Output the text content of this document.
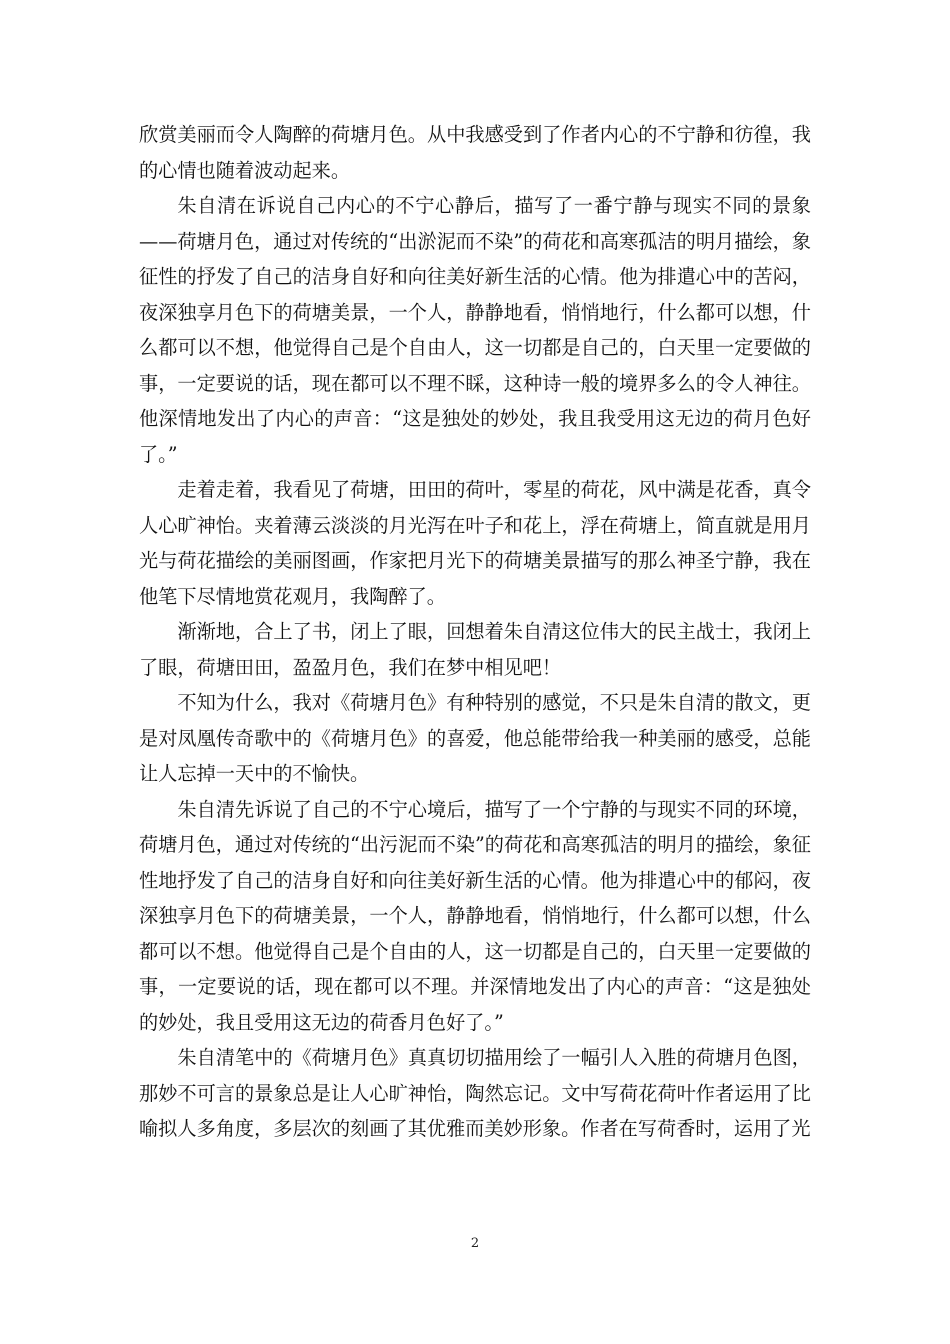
欣赏美丽而令人陶醉的荷塘月色。从中我感受到了作者内心的不宁静和彷徨，我的心情也随着波动起来。

朱自清在诉说自己内心的不宁心静后，描写了一番宁静与现实不同的景象——荷塘月色，通过对传统的“出淤泥而不染”的荷花和高寒孤洁的明月描绘，象征性的抒发了自己的洁身自好和向往美好新生活的心情。他为排遣心中的苦闷，夜深独享月色下的荷塘美景，一个人，静静地看，悄悄地行，什么都可以想，什么都可以不想，他觉得自己是个自由人，这一切都是自己的，白天里一定要做的事，一定要说的话，现在都可以不理不睬，这种诗一般的境界多么的令人神往。他深情地发出了内心的声音：“这是独处的妙处，我且我受用这无边的荷月色好了。”

走着走着，我看见了荷塘，田田的荷叶，零星的荷花，风中满是花香，真令人心旷神怡。夹着薄云淡淡的月光泻在叶子和花上，浮在荷塘上，简直就是用月光与荷花描绘的美丽图画，作家把月光下的荷塘美景描写的那么神圣宁静，我在他笔下尽情地赏花观月，我陶醉了。

渐渐地，合上了书，闭上了眼，回想着朱自清这位伟大的民主战士，我闭上了眼，荷塘田田，盈盈月色，我们在梦中相见吧！

不知为什么，我对《荷塘月色》有种特别的感觉，不只是朱自清的散文，更是对凤凰传奇歌中的《荷塘月色》的喜爱，他总能带给我一种美丽的感受，总能让人忘掉一天中的不愉快。

朱自清先诉说了自己的不宁心境后，描写了一个宁静的与现实不同的环境，荷塘月色，通过对传统的“出污泥而不染”的荷花和高寒孤洁的明月的描绘，象征性地抒发了自己的洁身自好和向往美好新生活的心情。他为排遣心中的郁闷，夜深独享月色下的荷塘美景，一个人，静静地看，悄悄地行，什么都可以想，什么都可以不想。他觉得自己是个自由的人，这一切都是自己的，白天里一定要做的事，一定要说的话，现在都可以不理。并深情地发出了内心的声音：“这是独处的妙处，我且受用这无边的荷香月色好了。”

朱自清笔中的《荷塘月色》真真切切描用绘了一幅引人入胜的荷塘月色图，那妙不可言的景象总是让人心旷神怡，陶然忘记。文中写荷花荷叶作者运用了比喻拟人多角度，多层次的刻画了其优雅而美妙形象。作者在写荷香时，运用了光

2
